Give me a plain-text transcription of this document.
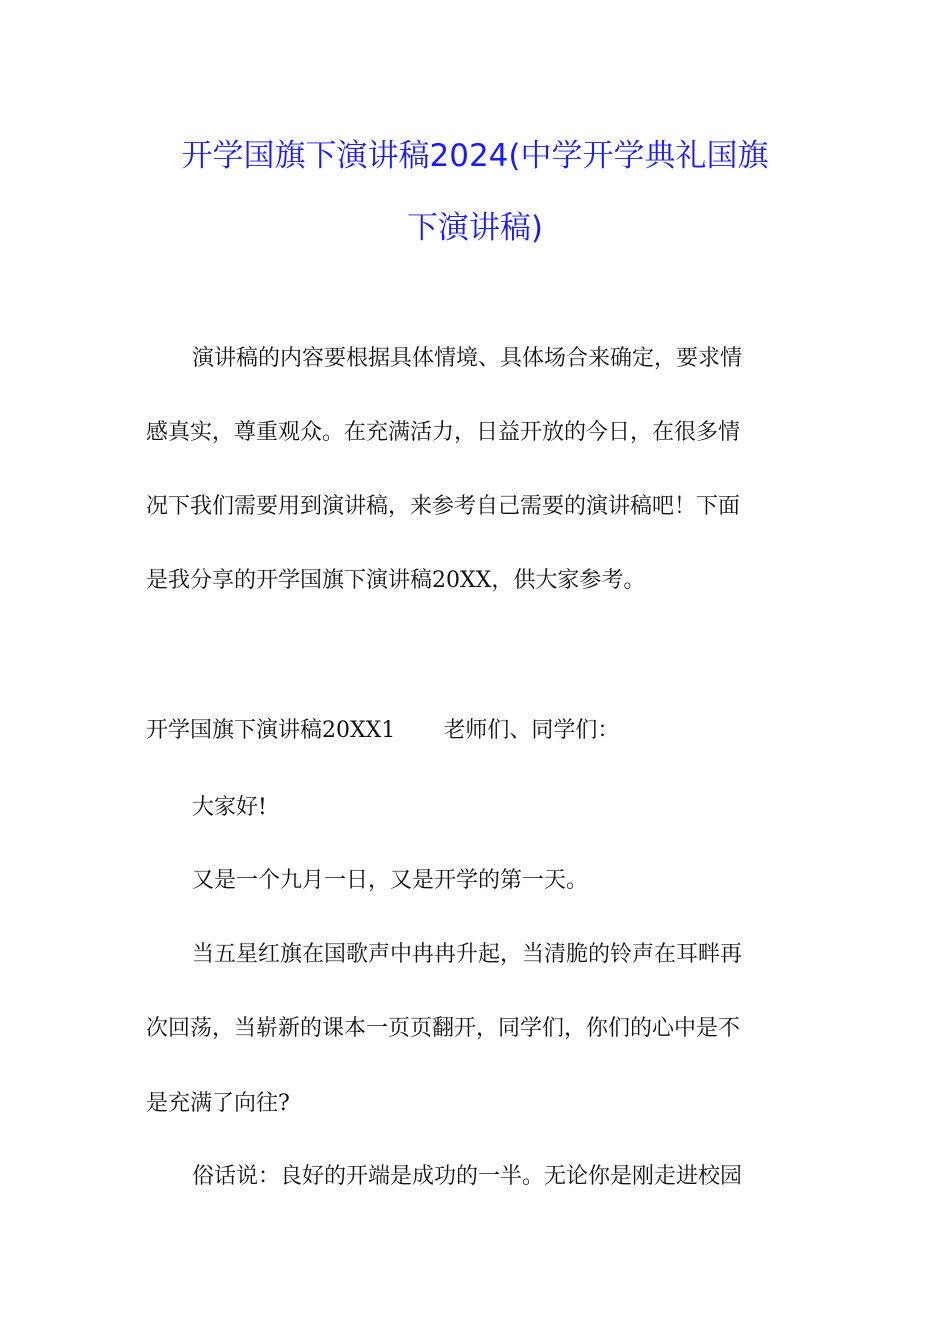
开学国旗下演讲稿2024(中学开学典礼国旗
下演讲稿)
演讲稿的内容要根据具体情境、具体场合来确定，要求情
感真实，尊重观众。在充满活力，日益开放的今日，在很多情
况下我们需要用到演讲稿，来参考自己需要的演讲稿吧！下面
是我分享的开学国旗下演讲稿20XX，供大家参考。
开学国旗下演讲稿20XX1 老师们、同学们：
大家好!
又是一个九月一日，又是开学的第一天。
当五星红旗在国歌声中冉冉升起，当清脆的铃声在耳畔再
次回荡，当崭新的课本一页页翻开，同学们，你们的心中是不
是充满了向往?
俗话说：良好的开端是成功的一半。无论你是刚走进校园
